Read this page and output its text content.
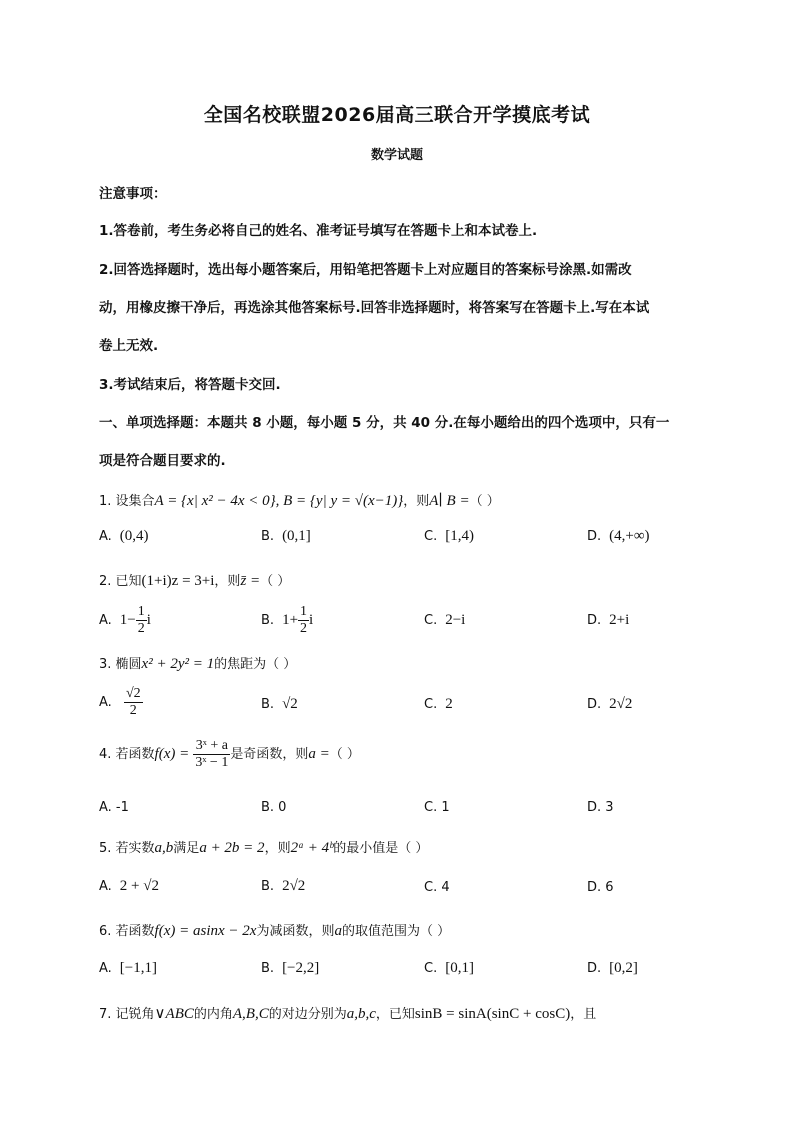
全国名校联盟2026届高三联合开学摸底考试
数学试题
注意事项：
1.答卷前，考生务必将自己的姓名、准考证号填写在答题卡上和本试卷上.
2.回答选择题时，选出每小题答案后，用铅笔把答题卡上对应题目的答案标号涂黑.如需改
动，用橡皮擦干净后，再选涂其他答案标号.回答非选择题时，将答案写在答题卡上.写在本试
卷上无效.
3.考试结束后，将答题卡交回.
一、单项选择题：本题共 8 小题，每小题 5 分，共 40 分.在每小题给出的四个选项中，只有一
项是符合题目要求的.
1. 设集合A = {x| x² − 4x < 0}, B = {y| y = √(x−1)}，则A∣ B =（ ）
A. (0,4)	B. (0,1]	C. [1,4)	D. (4,+∞)
2. 已知(1+i)z = 3+i，则z̄ =（ ）
A. $1- \frac{1}{2}$ i	B. $1+ \frac{1}{2}$ i	C. 2−i	D. 2+i
3. 椭圆x² + 2y² = 1的焦距为（ ）
A. $\frac{√2}{2}$	B. √2	C. 2	D. 2√2
4. 若函数$f(x) = \frac{\text{3ˣ + a}}{\text{3ˣ − 1}}$ 是奇函数，则a =（ ）
A. -1	B. 0	C. 1	D. 3
5. 若实数a,b满足a + 2b = 2，则2ᵃ + 4ᵇ的最小值是（ ）
A. 2 + √2	B. 2√2	C. 4	D. 6
6. 若函数f(x) = asinx − 2x为减函数，则a的取值范围为（ ）
A. [−1,1]	B. [−2,2]	C. [0,1]	D. [0,2]
7. 记锐角∨ABC的内角A,B,C的对边分别为a,b,c，已知sinB = sinA(sinC + cosC)，且
